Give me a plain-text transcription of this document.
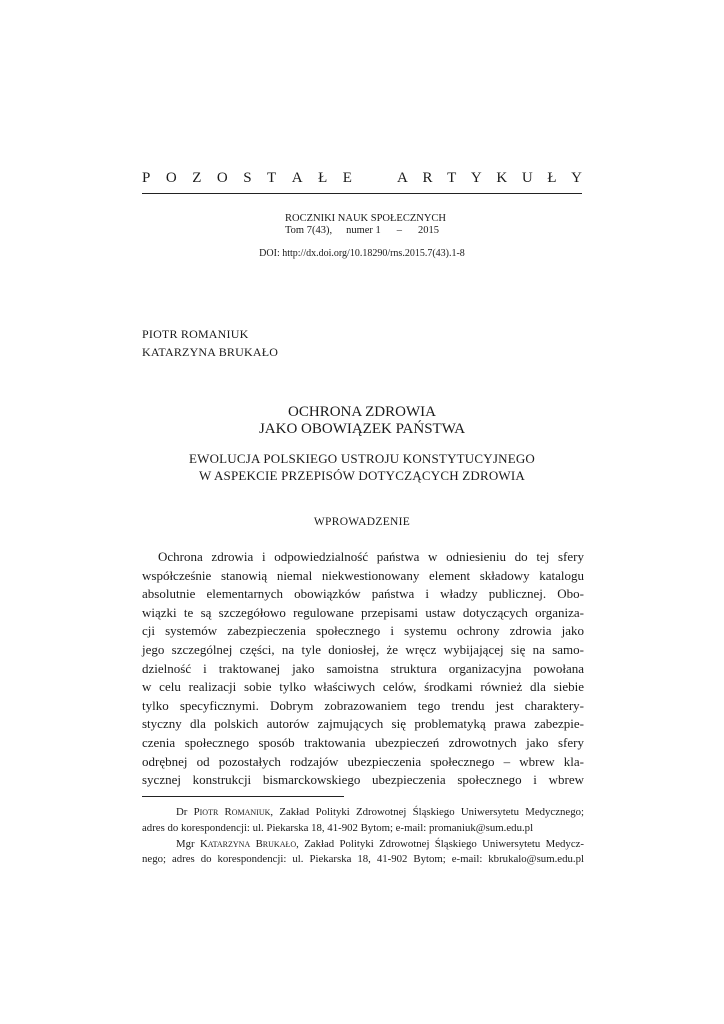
P O Z O S T A Ł E	A R T Y K U Ł Y
ROCZNIKI NAUK SPOŁECZNYCH
Tom 7(43), numer 1 – 2015
DOI: http://dx.doi.org/10.18290/rns.2015.7(43).1-8
PIOTR ROMANIUK
KATARZYNA BRUKAŁO
OCHRONA ZDROWIA
JAKO OBOWIĄZEK PAŃSTWA
EWOLUCJA POLSKIEGO USTROJU KONSTYTUCYJNEGO
W ASPEKCIE PRZEPISÓW DOTYCZĄCYCH ZDROWIA
WPROWADZENIE
Ochrona zdrowia i odpowiedzialność państwa w odniesieniu do tej sfery
współcześnie stanowią niemal niekwestionowany element składowy katalogu
absolutnie elementarnych obowiązków państwa i władzy publicznej. Obo-
wiązki te są szczegółowo regulowane przepisami ustaw dotyczących organiza-
cji systemów zabezpieczenia społecznego i systemu ochrony zdrowia jako
jego szczególnej części, na tyle doniosłej, że wręcz wybijającej się na samo-
dzielność i traktowanej jako samoistna struktura organizacyjna powołana
w celu realizacji sobie tylko właściwych celów, środkami również dla siebie
tylko specyficznymi. Dobrym zobrazowaniem tego trendu jest charaktery-
styczny dla polskich autorów zajmujących się problematyką prawa zabezpie-
czenia społecznego sposób traktowania ubezpieczeń zdrowotnych jako sfery
odrębnej od pozostałych rodzajów ubezpieczenia społecznego – wbrew kla-
sycznej konstrukcji bismarckowskiego ubezpieczenia społecznego i wbrew
Dr Piotr Romaniuk, Zakład Polityki Zdrowotnej Śląskiego Uniwersytetu Medycznego;
adres do korespondencji: ul. Piekarska 18, 41-902 Bytom; e-mail: promaniuk@sum.edu.pl
Mgr Katarzyna Brukało, Zakład Polityki Zdrowotnej Śląskiego Uniwersytetu Medycz-
nego; adres do korespondencji: ul. Piekarska 18, 41-902 Bytom; e-mail: kbrukalo@sum.edu.pl
